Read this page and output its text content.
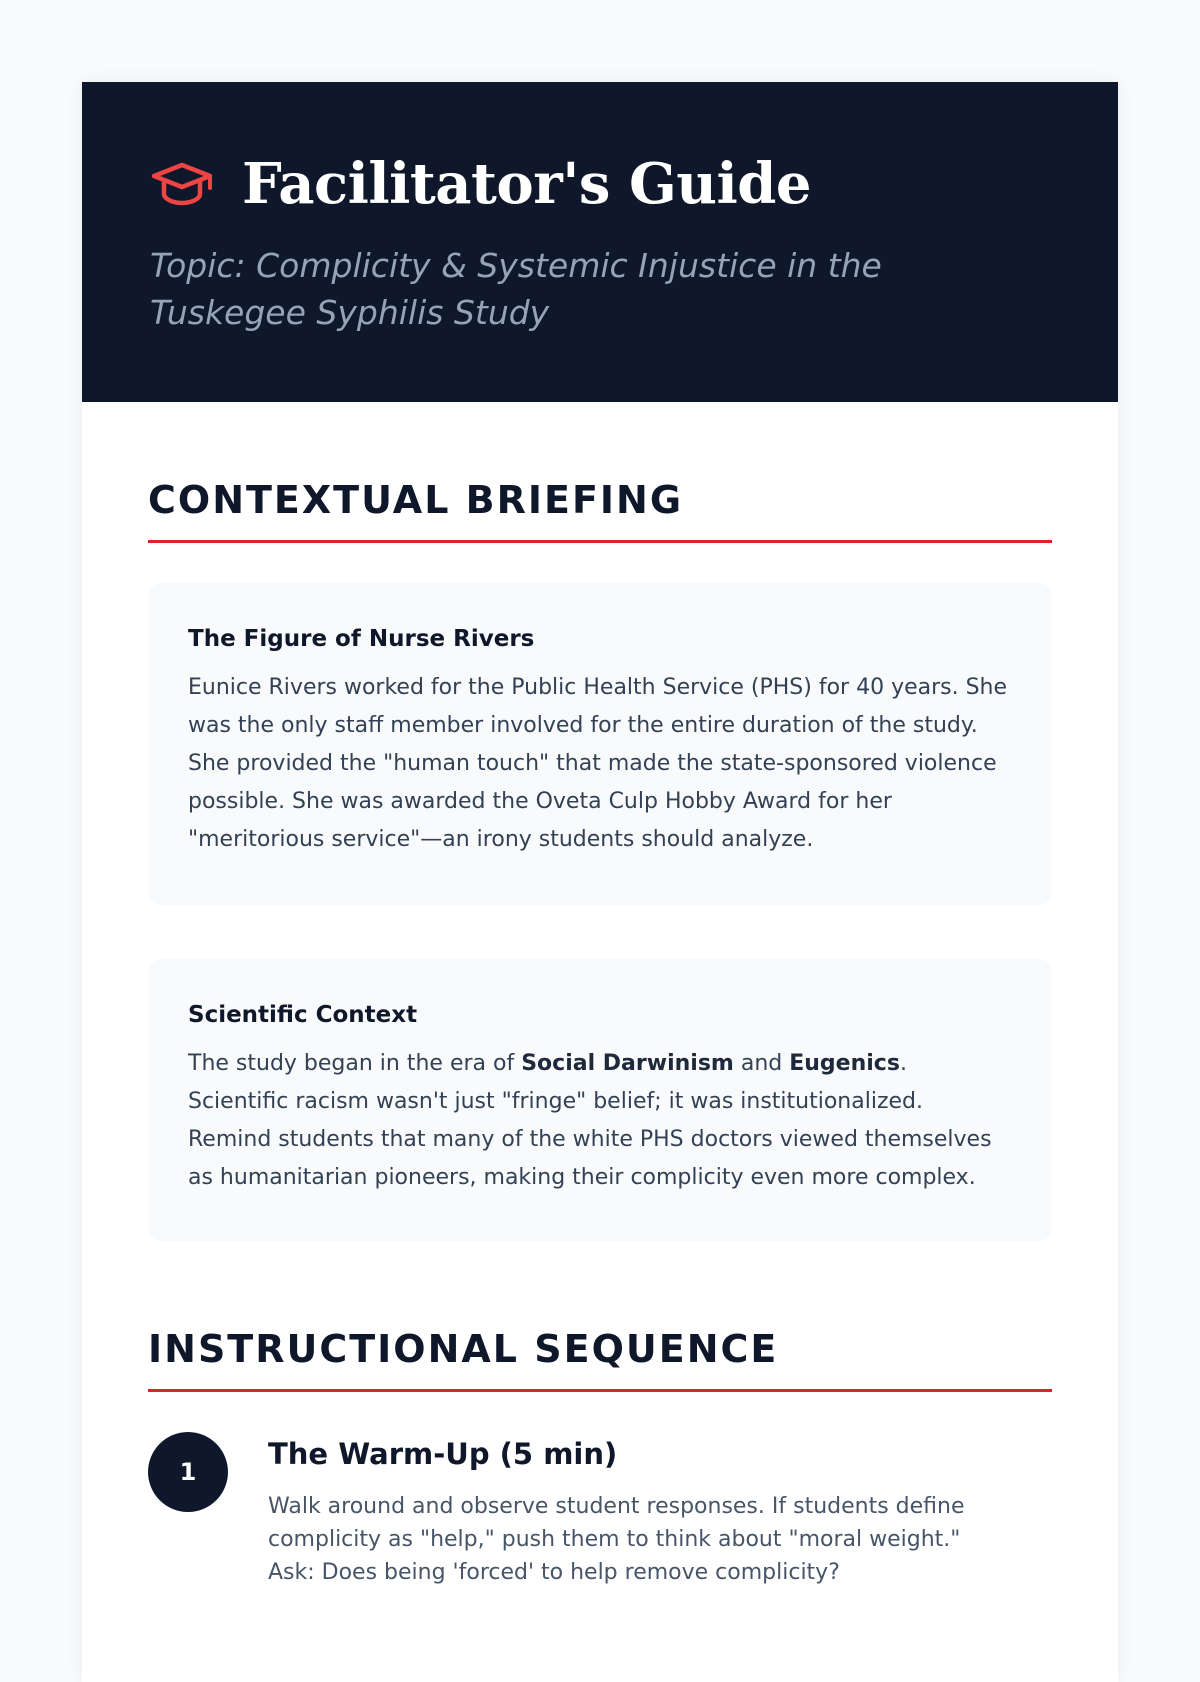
Facilitator's Guide
Topic: Complicity & Systemic Injustice in the Tuskegee Syphilis Study
CONTEXTUAL BRIEFING
The Figure of Nurse Rivers
Eunice Rivers worked for the Public Health Service (PHS) for 40 years. She was the only staff member involved for the entire duration of the study. She provided the "human touch" that made the state-sponsored violence possible. She was awarded the Oveta Culp Hobby Award for her "meritorious service"—an irony students should analyze.
Scientific Context
The study began in the era of Social Darwinism and Eugenics. Scientific racism wasn't just "fringe" belief; it was institutionalized. Remind students that many of the white PHS doctors viewed themselves as humanitarian pioneers, making their complicity even more complex.
INSTRUCTIONAL SEQUENCE
1
The Warm-Up (5 min)
Walk around and observe student responses. If students define complicity as "help," push them to think about "moral weight." Ask: Does being 'forced' to help remove complicity?
